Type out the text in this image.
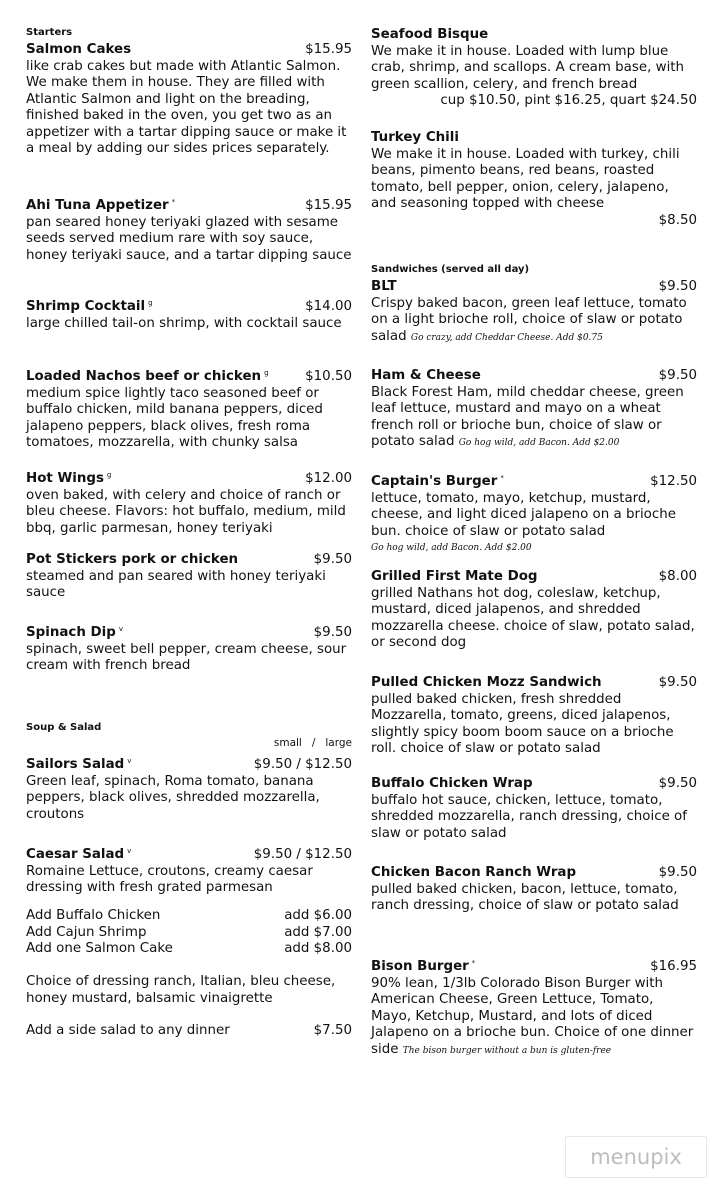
Starters
Salmon Cakes	$15.95

like crab cakes but made with Atlantic Salmon. We make them in house. They are filled with Atlantic Salmon and light on the breading, finished baked in the oven, you get two as an appetizer with a tartar dipping sauce or make it a meal by adding our sides prices separately.

Ahi Tuna Appetizer *	$15.95

pan seared honey teriyaki glazed with sesame seeds served medium rare with soy sauce, honey teriyaki sauce, and a tartar dipping sauce

Shrimp Cocktail $^g$	$14.00

large chilled tail-on shrimp, with cocktail sauce

Loaded Nachos beef or chicken $^g$	$10.50

medium spice lightly taco seasoned beef or buffalo chicken, mild banana peppers, diced jalapeno peppers, black olives, fresh roma tomatoes, mozzarella, with chunky salsa

Hot Wings $^g$	$12.00

oven baked, with celery and choice of ranch or bleu cheese. Flavors: hot buffalo, medium, mild bbq, garlic parmesan, honey teriyaki

Pot Stickers pork or chicken	$9.50

steamed and pan seared with honey teriyaki sauce

Spinach Dip $^v$	$9.50

spinach, sweet bell pepper, cream cheese, sour cream with french bread

Soup & Salad
small / large
Sailors Salad $^v$	$9.50 / $12.50

Green leaf, spinach, Roma tomato, banana peppers, black olives, shredded mozzarella, croutons

Caesar Salad $^v$	$9.50 / $12.50

Romaine Lettuce, croutons, creamy caesar dressing with fresh grated parmesan

Add Buffalo Chicken	add $6.00
Add Cajun Shrimp	add $7.00
Add one Salmon Cake	add $8.00
Choice of dressing ranch, Italian, bleu cheese, honey mustard, balsamic vinaigrette
Add a side salad to any dinner	$7.50
Seafood Bisque

We make it in house. Loaded with lump blue crab, shrimp, and scallops. A cream base, with green scallion, celery, and french bread

cup $10.50, pint $16.25, quart $24.50
Turkey Chili

We make it in house. Loaded with turkey, chili beans, pimento beans, red beans, roasted tomato, bell pepper, onion, celery, jalapeno, and seasoning topped with cheese

$8.50
Sandwiches (served all day)
BLT	$9.50

Crispy baked bacon, green leaf lettuce, tomato on a light brioche roll, choice of slaw or potato salad Go crazy, add Cheddar Cheese. Add $0.75

Ham & Cheese	$9.50

Black Forest Ham, mild cheddar cheese, green leaf lettuce, mustard and mayo on a wheat french roll or brioche bun, choice of slaw or potato salad Go hog wild, add Bacon. Add $2.00

Captain's Burger *	$12.50

lettuce, tomato, mayo, ketchup, mustard, cheese, and light diced jalapeno on a brioche bun. choice of slaw or potato salad

Go hog wild, add Bacon. Add $2.00
Grilled First Mate Dog	$8.00

grilled Nathans hot dog, coleslaw, ketchup, mustard, diced jalapenos, and shredded mozzarella cheese. choice of slaw, potato salad, or second dog

Pulled Chicken Mozz Sandwich	$9.50

pulled baked chicken, fresh shredded Mozzarella, tomato, greens, diced jalapenos, slightly spicy boom boom sauce on a brioche roll. choice of slaw or potato salad

Buffalo Chicken Wrap	$9.50

buffalo hot sauce, chicken, lettuce, tomato, shredded mozzarella, ranch dressing, choice of slaw or potato salad

Chicken Bacon Ranch Wrap	$9.50

pulled baked chicken, bacon, lettuce, tomato, ranch dressing, choice of slaw or potato salad

Bison Burger *	$16.95

90% lean, 1/3lb Colorado Bison Burger with American Cheese, Green Lettuce, Tomato, Mayo, Ketchup, Mustard, and lots of diced Jalapeno on a brioche bun. Choice of one dinner side The bison burger without a bun is gluten-free

menupix
